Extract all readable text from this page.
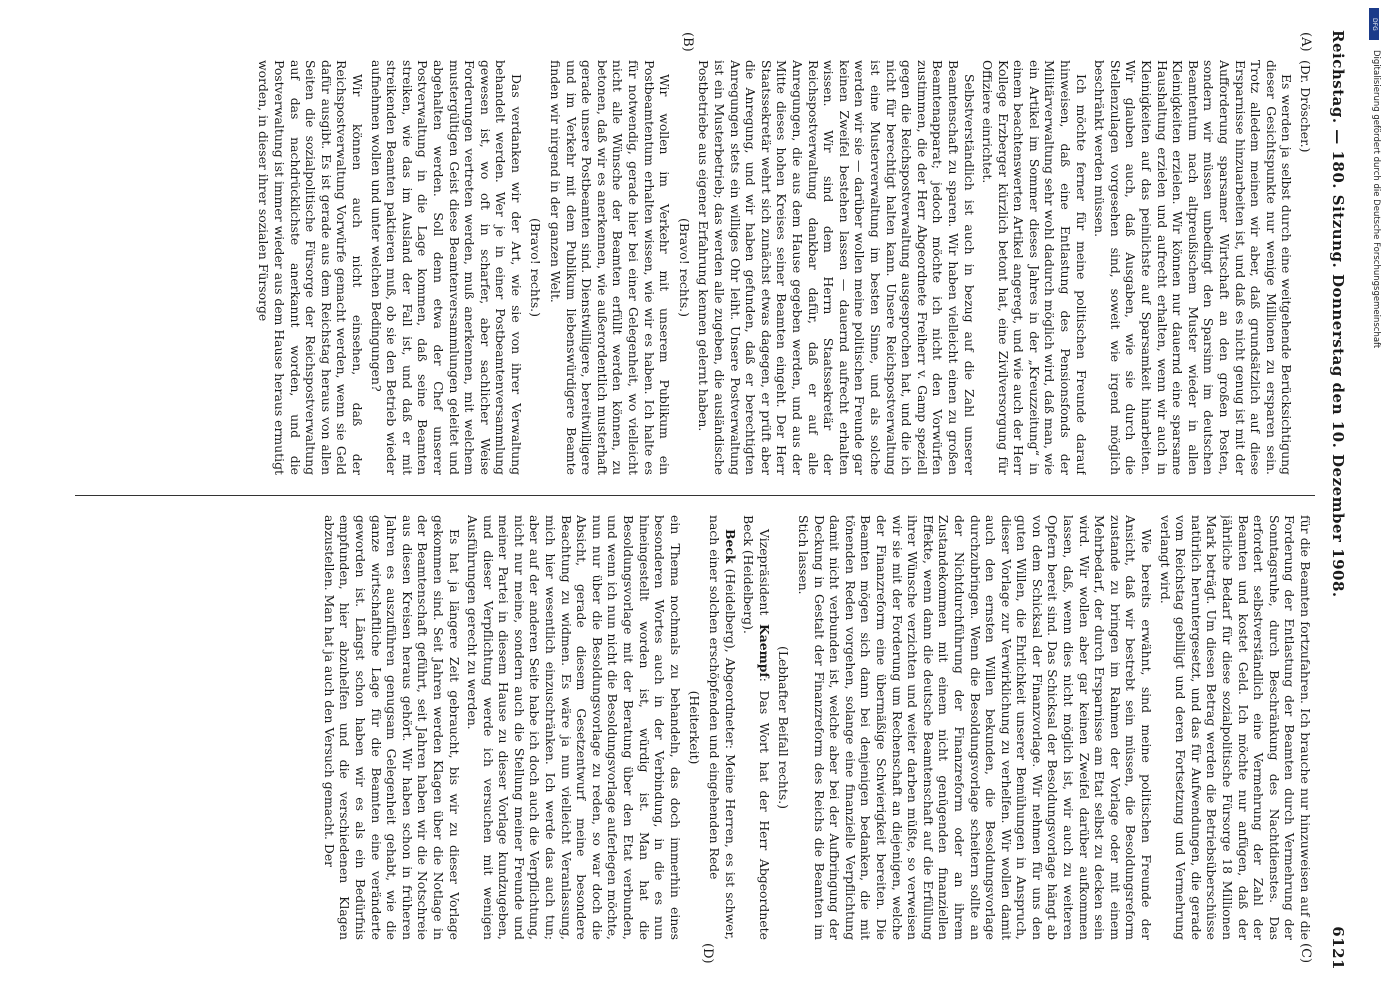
Reichstag. — 180. Sitzung. Donnerstag den 10. Dezember 1908.
6121
(A)
(B)
(C)
(D)

(Dr. Dröscher.)

Es werden ja selbst durch eine weitgehende Berücksichtigung dieser Gesichtspunkte nur wenige Millionen zu ersparen sein. Trotz alledem meinen wir aber, daß grundsätzlich auf diese Ersparnisse hinzuarbeiten ist, und daß es nicht genug ist mit der Aufforderung sparsamer Wirtschaft an den großen Posten, sondern wir müssen unbedingt den Sparsinn im deutschen Beamtentum nach altpreußischem Muster wieder in allen Kleinigkeiten erzielen. Wir können nur dauernd eine sparsame Haushaltung erzielen und aufrecht erhalten, wenn wir auch in Kleinigkeiten auf das peinlichste auf Sparsamkeit hinarbeiten. Wir glauben auch, daß Ausgaben, wie sie durch die Stellenzulagen vorgesehen sind, soweit wie irgend möglich beschränkt werden müssen.

Ich möchte ferner für meine politischen Freunde darauf hinweisen, daß eine Entlastung des Pensionsfonds der Militärverwaltung sehr wohl dadurch möglich wird, daß man, wie ein Artikel im Sommer dieses Jahres in der „Kreuzzeitung“ in einem beachtenswerten Artikel angeregt, und wie auch der Herr Kollege Erzberger kürzlich betont hat, eine Zivilversorgung für Offiziere einrichtet.

Selbstverständlich ist auch in bezug auf die Zahl unserer Beamtenschaft zu sparen. Wir haben vielleicht einen zu großen Beamtenapparat; jedoch möchte ich nicht den Vorwürfen zustimmen, die der Herr Abgeordnete Freiherr v. Gamp speziell gegen die Reichspostverwaltung ausgesprochen hat, und die ich nicht für berechtigt halten kann. Unsere Reichspostverwaltung ist eine Musterverwaltung im besten Sinne, und als solche werden wir sie — darüber wollen meine politischen Freunde gar keinen Zweifel bestehen lassen — dauernd aufrecht erhalten wissen. Wir sind dem Herrn Staatssekretär der Reichspostverwaltung dankbar dafür, daß er auf alle Anregungen, die aus dem Hause gegeben werden, und aus der Mitte dieses hohen Kreises seiner Beamten eingeht. Der Herr Staatssekretär wehrt sich zunächst etwas dagegen, er prüft aber die Anregung, und wir haben gefunden, daß er berechtigten Anregungen stets ein williges Ohr leiht. Unsere Postverwaltung ist ein Musterbetrieb; das werden alle zugeben, die ausländische Postbetriebe aus eigener Erfahrung kennen gelernt haben.

(Bravo! rechts.)

Wir wollen im Verkehr mit unserem Publikum ein Postbeamtentum erhalten wissen, wie wir es haben. Ich halte es für notwendig, gerade hier bei einer Gelegenheit, wo vielleicht nicht alle Wünsche der Beamten erfüllt werden können, zu betonen, daß wir es anerkennen, wie außerordentlich musterhaft gerade unsere Postbeamten sind. Dienstwilligere, bereitwilligere und im Verkehr mit dem Publikum liebenswürdigere Beamte finden wir nirgend in der ganzen Welt.

(Bravo! rechts.)

Das verdanken wir der Art, wie sie von ihrer Verwaltung behandelt werden. Wer je in einer Postbeamtenversammlung gewesen ist, wo oft in scharfer, aber sachlicher Weise Forderungen vertreten werden, muß anerkennen, mit welchem mustergültigen Geist diese Beamtenversammlungen geleitet und abgehalten werden. Soll denn etwa der Chef unserer Postverwaltung in die Lage kommen, daß seine Beamten streiken, wie das im Ausland der Fall ist, und daß er mit streikenden Beamten paktieren muß, ob sie den Betrieb wieder aufnehmen wollen und unter welchen Bedingungen?

Wir können auch nicht einsehen, daß der Reichspostverwaltung Vorwürfe gemacht werden, wenn sie Geld dafür ausgibt. Es ist gerade aus dem Reichstag heraus von allen Seiten die sozialpolitische Fürsorge der Reichspostverwaltung auf das nachdrücklichste anerkannt worden, und die Postverwaltung ist immer wieder aus dem Hause heraus ermutigt worden, in dieser ihrer sozialen Fürsorge

für die Beamten fortzufahren. Ich brauche nur hinzuweisen auf die Forderung der Entlastung der Beamten durch Vermehrung der Sonntagsruhe, durch Beschränkung des Nachtdienstes. Das erfordert selbstverständlich eine Vermehrung der Zahl der Beamten und kostet Geld. Ich möchte nur anfügen, daß der jährliche Bedarf für diese sozialpolitische Fürsorge 18 Millionen Mark beträgt. Um diesen Betrag werden die Betriebsüberschüsse natürlich heruntergesetzt, und das für Aufwendungen, die gerade vom Reichstag gebilligt und deren Fortsetzung und Vermehrung verlangt wird.

Wie bereits erwähnt, sind meine politischen Freunde der Ansicht, daß wir bestrebt sein müssen, die Besoldungsreform zustande zu bringen im Rahmen der Vorlage oder mit einem Mehrbedarf, der durch Ersparnisse am Etat selbst zu decken sein wird. Wir wollen aber gar keinen Zweifel darüber aufkommen lassen, daß, wenn dies nicht möglich ist, wir auch zu weiteren Opfern bereit sind. Das Schicksal der Besoldungsvorlage hängt ab von dem Schicksal der Finanzvorlage. Wir nehmen für uns den guten Willen, die Ehrlichkeit unserer Bemühungen in Anspruch, dieser Vorlage zur Verwirklichung zu verhelfen. Wir wollen damit auch den ernsten Willen bekunden, die Besoldungsvorlage durchzubringen. Wenn die Besoldungsvorlage scheitern sollte an der Nichtdurchführung der Finanzreform oder an ihrem Zustandekommen mit einem nicht genügenden finanziellen Effekte, wenn dann die deutsche Beamtenschaft auf die Erfüllung ihrer Wünsche verzichten und weiter darben müßte, so verweisen wir sie mit der Forderung um Rechenschaft an diejenigen, welche der Finanzreform eine übermäßige Schwierigkeit bereiten. Die Beamten mögen sich dann bei denjenigen bedanken, die mit tönenden Reden vorgehen, solange eine finanzielle Verpflichtung damit nicht verbunden ist, welche aber bei der Aufbringung der Deckung in Gestalt der Finanzreform des Reichs die Beamten im Stich lassen.

(Lebhafter Beifall rechts.)

Vizepräsident Kaempf: Das Wort hat der Herr Abgeordnete Beck (Heidelberg).

Beck (Heidelberg), Abgeordneter: Meine Herren, es ist schwer, nach einer solchen erschöpfenden und eingehenden Rede

(Heiterkeit)

ein Thema nochmals zu behandeln, das doch immerhin eines besonderen Wortes auch in der Verbindung, in die es nun hineingestellt worden ist, würdig ist. Man hat die Besoldungsvorlage mit der Beratung über den Etat verbunden, und wenn ich nun nicht die Besoldungsvorlage auferlegen möchte, nun nur über die Besoldungsvorlage zu reden, so war doch die Absicht, gerade diesem Gesetzentwurf meine besondere Beachtung zu widmen. Es wäre ja nun vielleicht Veranlassung, mich hier wesentlich einzuschränken. Ich werde das auch tun; aber auf der anderen Seite habe ich doch auch die Verpflichtung, nicht nur meine, sondern auch die Stellung meiner Freunde und meiner Partei in diesem Hause zu dieser Vorlage kundzugeben, und dieser Verpflichtung werde ich versuchen mit wenigen Ausführungen gerecht zu werden.

Es hat ja längere Zeit gebraucht, bis wir zu dieser Vorlage gekommen sind. Seit Jahren werden Klagen über die Notlage in der Beamtenschaft geführt, seit Jahren haben wir die Notschreie aus diesen Kreisen heraus gehört. Wir haben schon in früheren Jahren es auszuführen genugsam Gelegenheit gehabt, wie die ganze wirtschaftliche Lage für die Beamten eine veränderte geworden ist. Längst schon haben wir es als ein Bedürfnis empfunden, hier abzuhelfen und die verschiedenen Klagen abzustellen. Man hat ja auch den Versuch gemacht. Der

DFG
Digitalisierung gefördert durch die Deutsche Forschungsgemeinschaft
